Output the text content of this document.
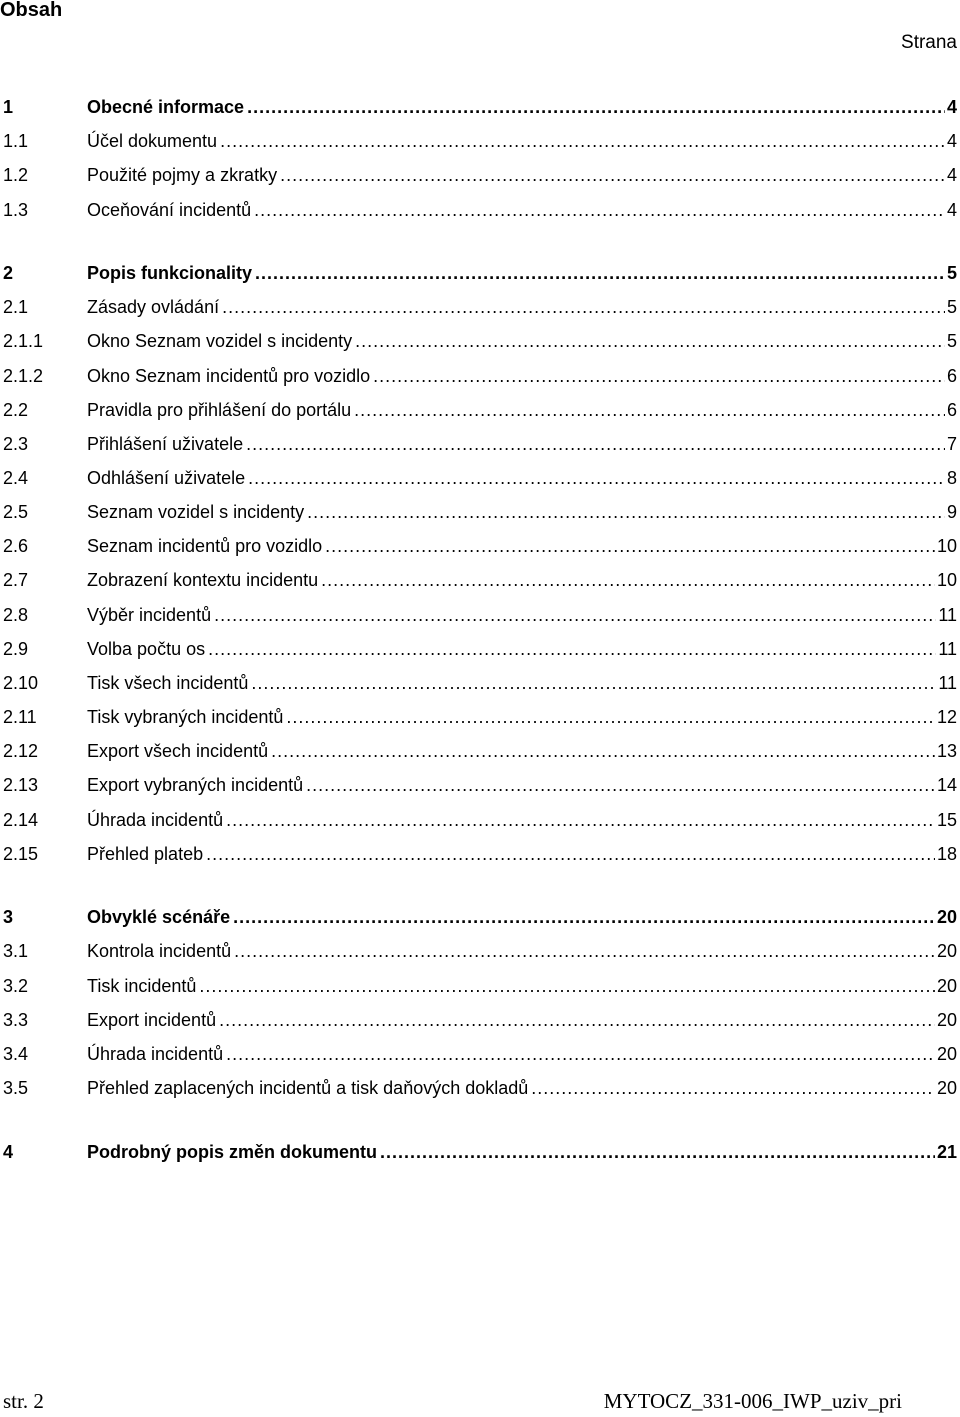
Obsah
Strana
1	Obecné informace .....	4
1.1	Účel dokumentu .....	4
1.2	Použité pojmy a zkratky .....	4
1.3	Oceňování incidentů .....	4
2	Popis funkcionality .....	5
2.1	Zásady ovládání .....	5
2.1.1	Okno Seznam vozidel s incidenty .....	5
2.1.2	Okno Seznam incidentů pro vozidlo .....	6
2.2	Pravidla pro přihlášení do portálu .....	6
2.3	Přihlášení uživatele .....	7
2.4	Odhlášení uživatele .....	8
2.5	Seznam vozidel s incidenty .....	9
2.6	Seznam incidentů pro vozidlo .....	10
2.7	Zobrazení kontextu incidentu .....	10
2.8	Výběr incidentů .....	11
2.9	Volba počtu os .....	11
2.10	Tisk všech incidentů .....	11
2.11	Tisk vybraných incidentů .....	12
2.12	Export všech incidentů .....	13
2.13	Export vybraných incidentů .....	14
2.14	Úhrada incidentů .....	15
2.15	Přehled plateb .....	18
3	Obvyklé scénáře .....	20
3.1	Kontrola incidentů .....	20
3.2	Tisk incidentů .....	20
3.3	Export incidentů .....	20
3.4	Úhrada incidentů .....	20
3.5	Přehled zaplacených incidentů a tisk daňových dokladů .....	20
4	Podrobný popis změn dokumentu .....	21
str. 2	MYTOCZ_331-006_IWP_uziv_pri
